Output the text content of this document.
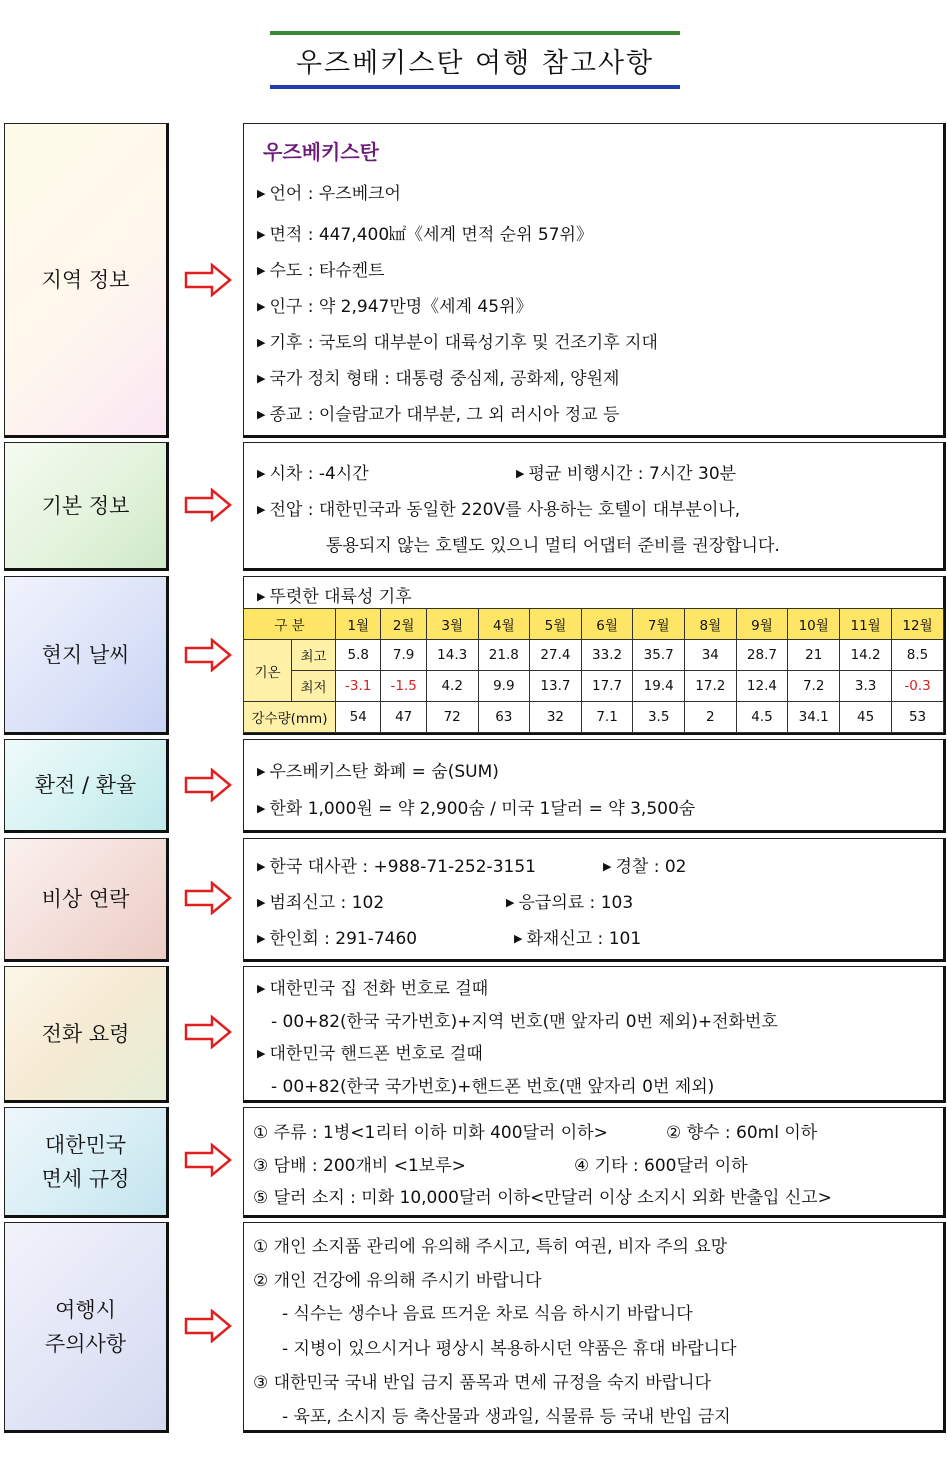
우즈베키스탄 여행 참고사항
지역 정보
우즈베키스탄
▶ 언어 : 우즈베크어
▶ 면적 : 447,400㎢《세계 면적 순위 57위》
▶ 수도 : 타슈켄트
▶ 인구 : 약 2,947만명《세계 45위》
▶ 기후 : 국토의 대부분이 대륙성기후 및 건조기후 지대
▶ 국가 정치 형태 : 대통령 중심제, 공화제, 양원제
▶ 종교 : 이슬람교가 대부분, 그 외 러시아 정교 등
기본 정보
▶ 시차 : -4시간	▶ 평균 비행시간 : 7시간 30분
▶ 전압 : 대한민국과 동일한 220V를 사용하는 호텔이 대부분이나,
통용되지 않는 호텔도 있으니 멀티 어댑터 준비를 권장합니다.
현지 날씨
▶ 뚜렷한 대륙성 기후
구 분		1월	2월	3월	4월	5월	6월	7월	8월	9월	10월	11월	12월
기온	최고	5.8	7.9	14.3	21.8	27.4	33.2	35.7	34	28.7	21	14.2	8.5
	최저	-3.1	-1.5	4.2	9.9	13.7	17.7	19.4	17.2	12.4	7.2	3.3	-0.3
강수량(mm)		54	47	72	63	32	7.1	3.5	2	4.5	34.1	45	53
환전 / 환율
▶ 우즈베키스탄 화폐 = 숨(SUM)
▶ 한화 1,000원 = 약 2,900숨 / 미국 1달러 = 약 3,500숨
비상 연락
▶ 한국 대사관 : +988-71-252-3151	▶ 경찰 : 02
▶ 범죄신고 : 102	▶ 응급의료 : 103
▶ 한인회 : 291-7460	▶ 화재신고 : 101
전화 요령
▶ 대한민국 집 전화 번호로 걸때
- 00+82(한국 국가번호)+지역 번호(맨 앞자리 0번 제외)+전화번호
▶ 대한민국 핸드폰 번호로 걸때
- 00+82(한국 국가번호)+핸드폰 번호(맨 앞자리 0번 제외)
대한민국
면세 규정
① 주류 : 1병<1리터 이하 미화 400달러 이하>	② 향수 : 60ml 이하
③ 담배 : 200개비 <1보루>	④ 기타 : 600달러 이하
⑤ 달러 소지 : 미화 10,000달러 이하<만달러 이상 소지시 외화 반출입 신고>
여행시
주의사항
① 개인 소지품 관리에 유의해 주시고, 특히 여권, 비자 주의 요망
② 개인 건강에 유의해 주시기 바랍니다
- 식수는 생수나 음료 뜨거운 차로 식음 하시기 바랍니다
- 지병이 있으시거나 평상시 복용하시던 약품은 휴대 바랍니다
③ 대한민국 국내 반입 금지 품목과 면세 규정을 숙지 바랍니다
- 육포, 소시지 등 축산물과 생과일, 식물류 등 국내 반입 금지
